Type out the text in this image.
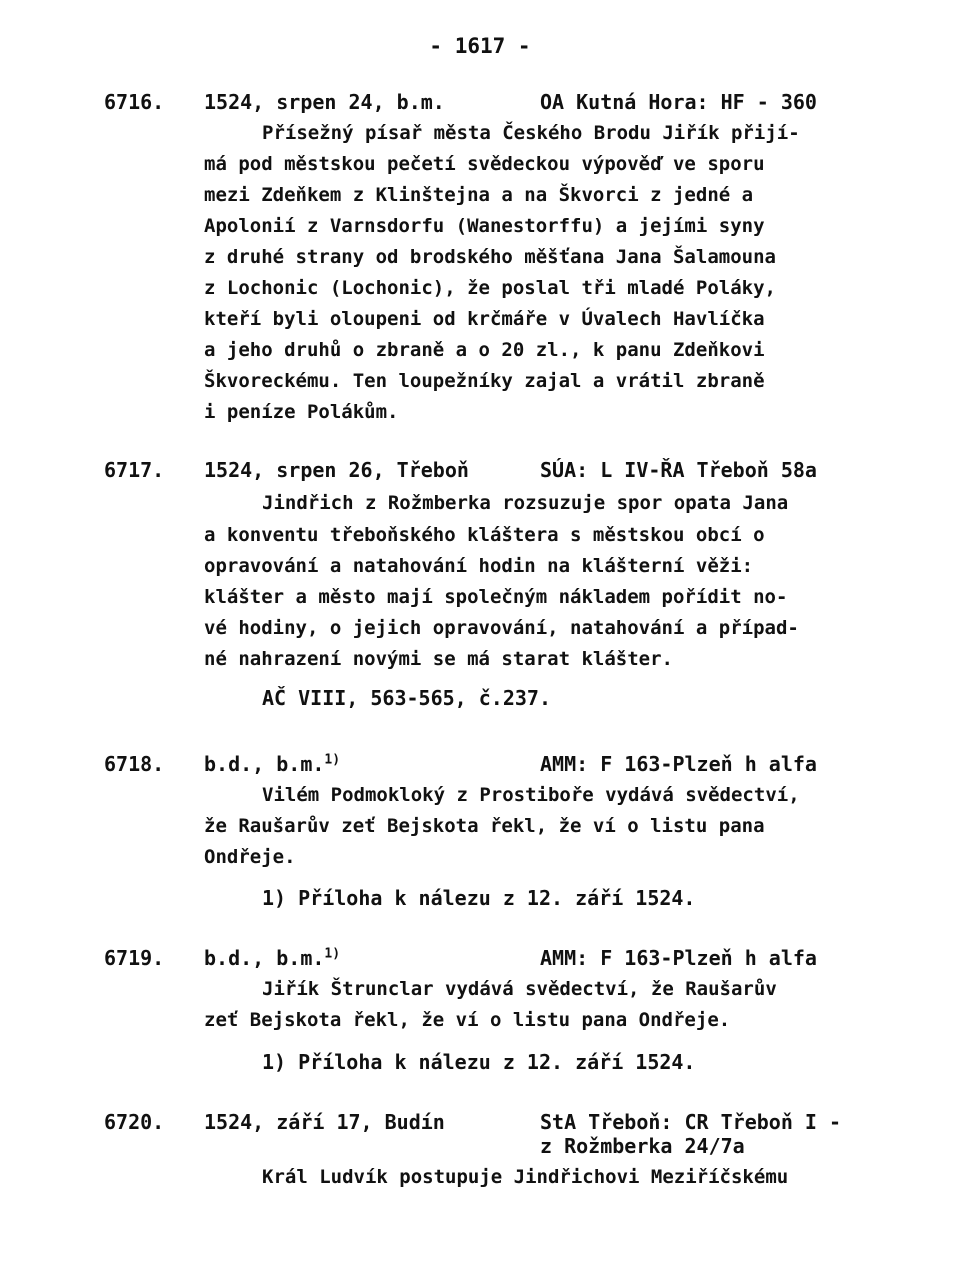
- 1617 -
6716. 1524, srpen 24, b.m.	OA Kutná Hora: HF - 360
Přísežný písař města Českého Brodu Jiřík přijí-
má pod městskou pečetí svědeckou výpověď ve sporu
mezi Zdeňkem z Klinštejna a na Škvorci z jedné a
Apolonií z Varnsdorfu (Wanestorffu) a jejími syny
z druhé strany od brodského měšťana Jana Šalamouna
z Lochonic (Lochonic), že poslal tři mladé Poláky,
kteří byli oloupeni od krčmáře v Úvalech Havlíčka
a jeho druhů o zbraně a o 20 zl., k panu Zdeňkovi
Škvoreckému. Ten loupežníky zajal a vrátil zbraně
i peníze Polákům.
6717. 1524, srpen 26, Třeboň	SÚA: L IV-ŘA Třeboň 58a
Jindřich z Rožmberka rozsuzuje spor opata Jana
a konventu třeboňského kláštera s městskou obcí o
opravování a natahování hodin na klášterní věži:
klášter a město mají společným nákladem pořídit no-
vé hodiny, o jejich opravování, natahování a případ-
né nahrazení novými se má starat klášter.
AČ VIII, 563-565, č.237.
6718. b.d., b.m.$^{1)}$	AMM: F 163-Plzeň h alfa
Vilém Podmokloký z Prostiboře vydává svědectví,
že Raušarův zeť Bejskota řekl, že ví o listu pana
Ondřeje.
1) Příloha k nálezu z 12. září 1524.
6719. b.d., b.m.$^{1)}$	AMM: F 163-Plzeň h alfa
Jiřík Štrunclar vydává svědectví, že Raušarův
zeť Bejskota řekl, že ví o listu pana Ondřeje.
1) Příloha k nálezu z 12. září 1524.
6720. 1524, září 17, Budín	StA Třeboň: CR Třeboň I -
z Rožmberka 24/7a
Král Ludvík postupuje Jindřichovi Meziříčskému
